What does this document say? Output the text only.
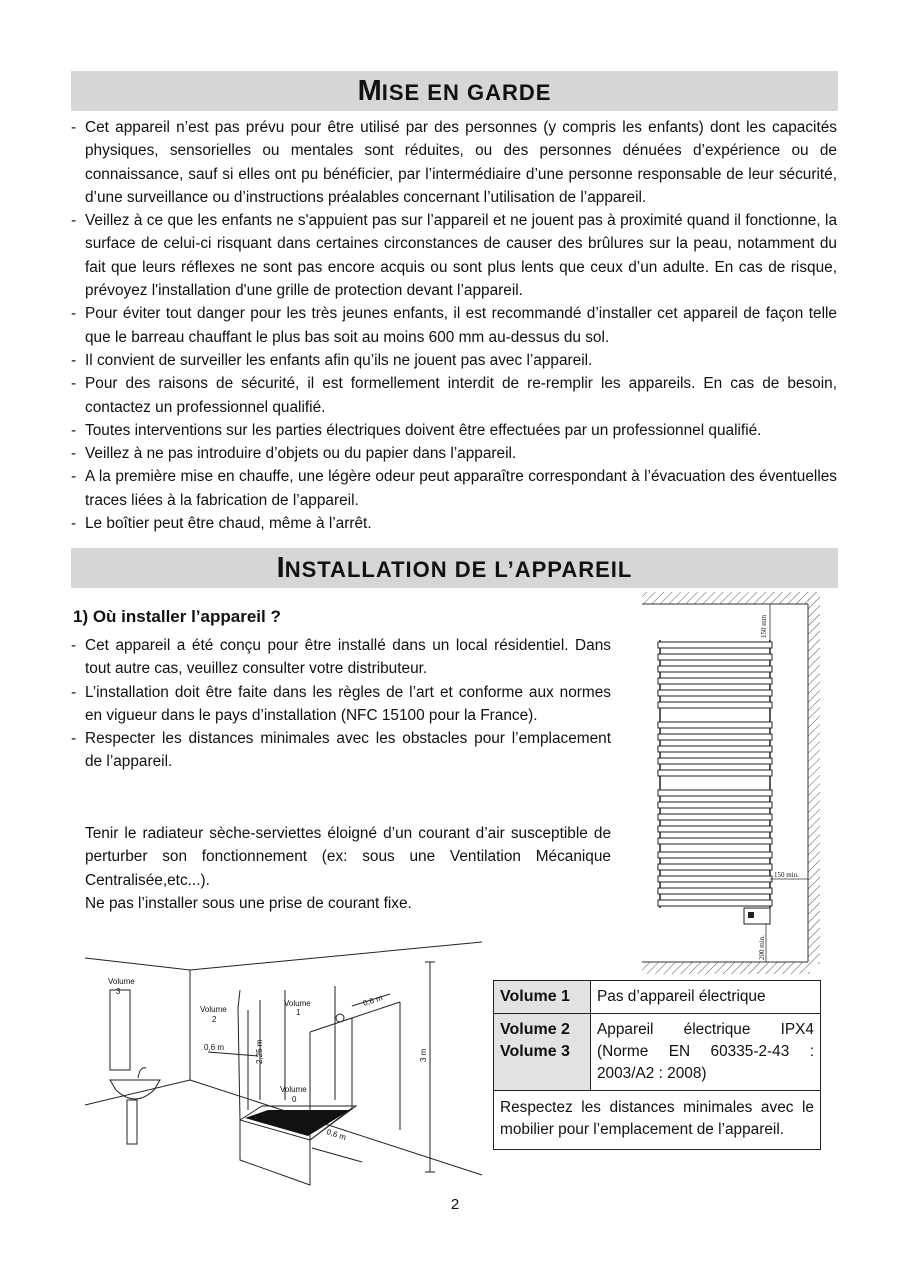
MISE EN GARDE
- Cet appareil n’est pas prévu pour être utilisé par des personnes (y compris les enfants) dont les capacités physiques, sensorielles ou mentales sont réduites, ou des personnes dénuées d’expérience ou de connaissance, sauf si elles ont pu bénéficier, par l’intermédiaire d’une personne responsable de leur sécurité, d’une surveillance ou d’instructions préalables concernant l’utilisation de l’appareil.
- Veillez à ce que les enfants ne s'appuient pas sur l’appareil et ne jouent pas à proximité quand il fonctionne, la surface de celui-ci risquant dans certaines circonstances de causer des brûlures sur la peau, notamment du fait que leurs réflexes ne sont pas encore acquis ou sont plus lents que ceux d’un adulte. En cas de risque, prévoyez l'installation d'une grille de protection devant l’appareil.
- Pour éviter tout danger pour les très jeunes enfants, il est recommandé d’installer cet appareil de façon telle que le barreau chauffant le plus bas soit au moins 600 mm au-dessus du sol.
- Il convient de surveiller les enfants afin qu’ils ne jouent pas avec l’appareil.
- Pour des raisons de sécurité, il est formellement interdit de re-remplir les appareils. En cas de besoin, contactez un professionnel qualifié.
- Toutes interventions sur les parties électriques doivent être effectuées par un professionnel qualifié.
- Veillez à ne pas introduire d’objets ou du papier dans l’appareil.
- A la première mise en chauffe, une légère odeur peut apparaître correspondant à l’évacuation des éventuelles traces liées à la fabrication de l’appareil.
- Le boîtier peut être chaud, même à l’arrêt.
INSTALLATION DE L’APPAREIL
1) Où installer l’appareil ?
- Cet appareil a été conçu pour être installé dans un local résidentiel. Dans tout autre cas, veuillez consulter votre distributeur.
- L’installation doit être faite dans les règles de l’art et conforme aux normes en vigueur dans le pays d’installation (NFC 15100 pour la France).
- Respecter les distances minimales avec les obstacles pour l’emplacement de l’appareil.

Tenir le radiateur sèche-serviettes éloigné d’un courant d’air susceptible de perturber son fonctionnement (ex: sous une Ventilation Mécanique Centralisée,etc...).

Ne pas l’installer sous une prise de courant fixe.

150 mm
150 min.
200 min.
Volume
3
Volume
2
Volume
1
Volume
0
0,6 m
0,6 m
0,6 m
2,25 m	3 m
Volume 1	Pas d’appareil électrique

Volume 2
Volume 3	Appareil électrique IPX4 (Norme EN 60335-2-43 : 2003/A2 : 2008)
Respectez les distances minimales avec le mobilier pour l’emplacement de l’appareil.	
2
